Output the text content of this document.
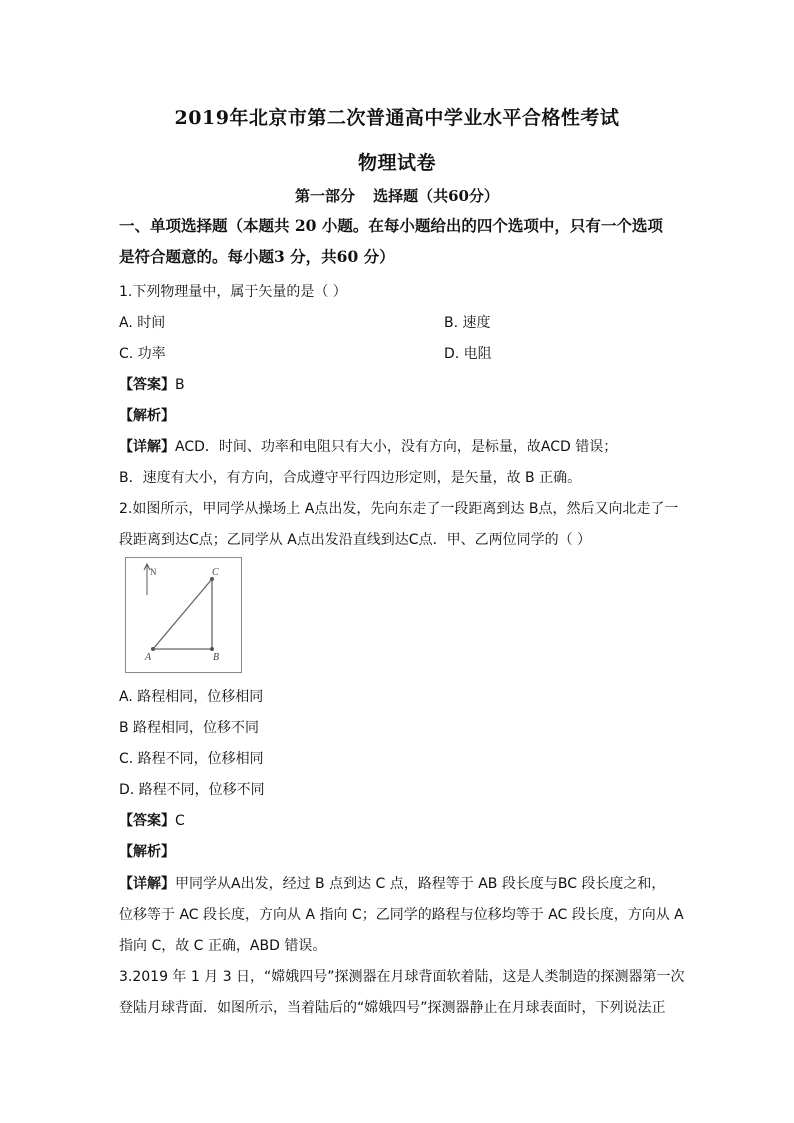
2019年北京市第二次普通高中学业水平合格性考试
物理试卷
第一部分 选择题（共60分）
一、单项选择题（本题共 20 小题。在每小题给出的四个选项中，只有一个选项
是符合题意的。每小题3 分，共60 分）
1.下列物理量中，属于矢量的是（ ）
A. 时间	B. 速度
C. 功率	D. 电阻
【答案】B
【解析】
【详解】ACD．时间、功率和电阻只有大小，没有方向，是标量，故ACD 错误；
B．速度有大小，有方向，合成遵守平行四边形定则，是矢量，故 B 正确。
2.如图所示，甲同学从操场上 A点出发，先向东走了一段距离到达 B点，然后又向北走了一
段距离到达C点；乙同学从 A点出发沿直线到达C点．甲、乙两位同学的（ ）
N
A	B
C
A. 路程相同，位移相同
B 路程相同，位移不同
C. 路程不同，位移相同
D. 路程不同，位移不同
【答案】C
【解析】
【详解】甲同学从A出发，经过 B 点到达 C 点，路程等于 AB 段长度与BC 段长度之和，
位移等于 AC 段长度，方向从 A 指向 C；乙同学的路程与位移均等于 AC 段长度，方向从 A
指向 C，故 C 正确，ABD 错误。
3.2019 年 1 月 3 日，“嫦娥四号”探测器在月球背面软着陆，这是人类制造的探测器第一次
登陆月球背面．如图所示，当着陆后的“嫦娥四号”探测器静止在月球表面时，下列说法正
